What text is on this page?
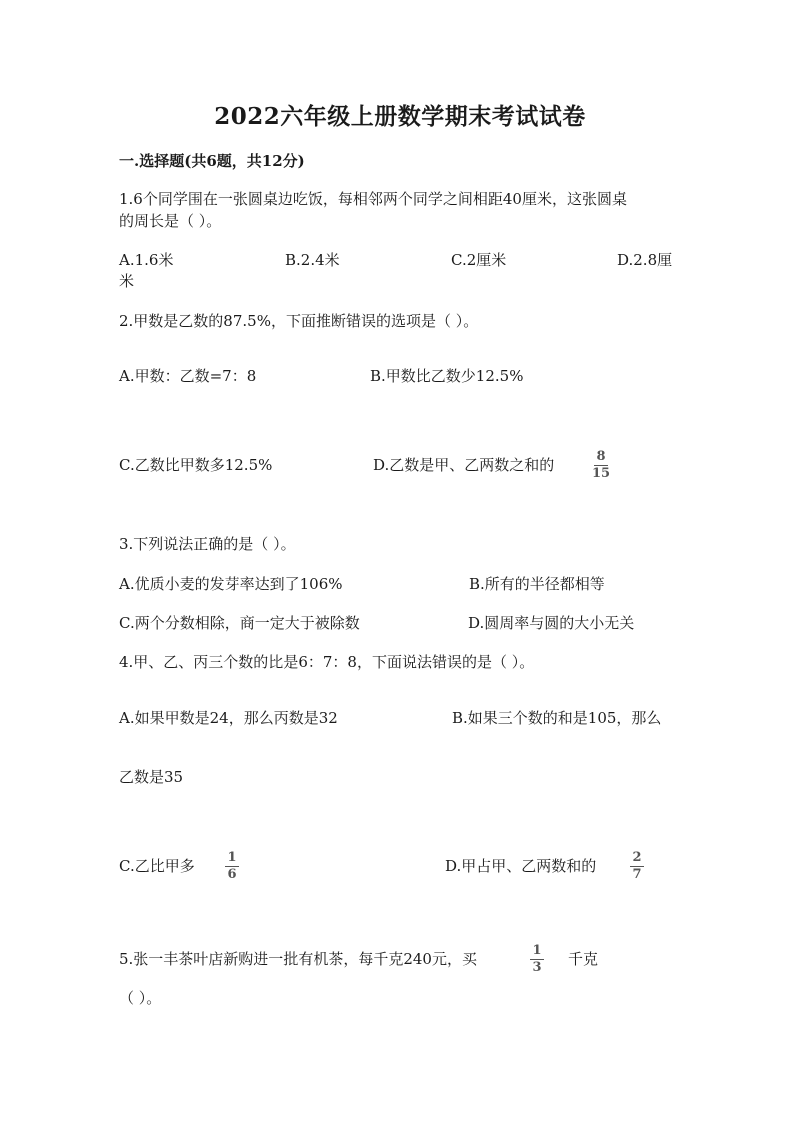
2022六年级上册数学期末考试试卷
一.选择题(共6题，共12分)
1.6个同学围在一张圆桌边吃饭，每相邻两个同学之间相距40厘米，这张圆桌
的周长是（ ）。
A.1.6米	B.2.4米	C.2厘米	D.2.8厘
米
2.甲数是乙数的87.5%，下面推断错误的选项是（ ）。
A.甲数：乙数=7：8	B.甲数比乙数少12.5%
C.乙数比甲数多12.5%	D.乙数是甲、乙两数之和的	8
15
3.下列说法正确的是（ ）。
A.优质小麦的发芽率达到了106%	B.所有的半径都相等
C.两个分数相除，商一定大于被除数	D.圆周率与圆的大小无关
4.甲、乙、丙三个数的比是6：7：8，下面说法错误的是（ ）。
A.如果甲数是24，那么丙数是32	B.如果三个数的和是105，那么
乙数是35
C.乙比甲多	1
6	D.甲占甲、乙两数和的	2
7
5.张一丰茶叶店新购进一批有机茶，每千克240元，买	1
3 千克
（ ）。
